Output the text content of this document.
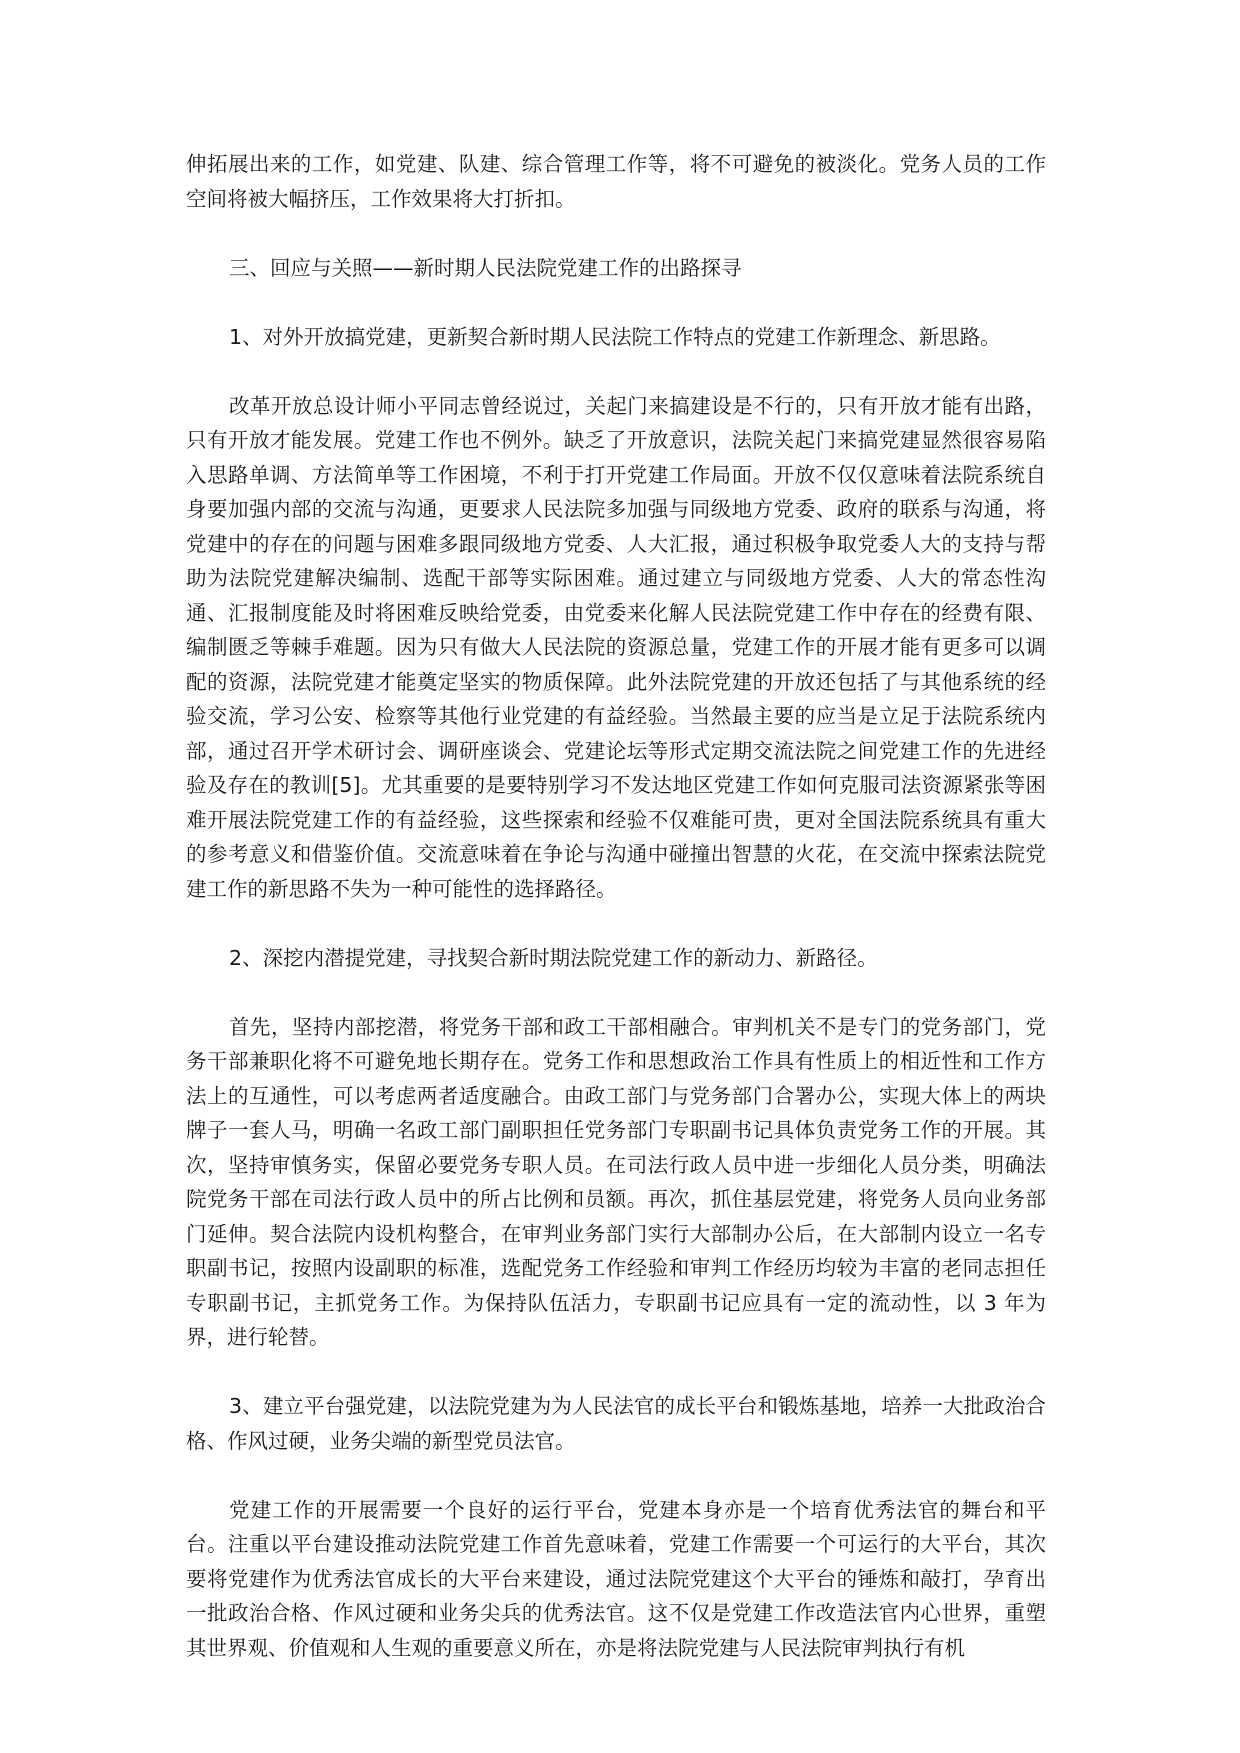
伸拓展出来的工作，如党建、队建、综合管理工作等，将不可避免的被淡化。党务人员的工作空间将被大幅挤压，工作效果将大打折扣。

三、回应与关照——新时期人民法院党建工作的出路探寻

1、对外开放搞党建，更新契合新时期人民法院工作特点的党建工作新理念、新思路。

改革开放总设计师小平同志曾经说过，关起门来搞建设是不行的，只有开放才能有出路，只有开放才能发展。党建工作也不例外。缺乏了开放意识，法院关起门来搞党建显然很容易陷入思路单调、方法简单等工作困境，不利于打开党建工作局面。开放不仅仅意味着法院系统自身要加强内部的交流与沟通，更要求人民法院多加强与同级地方党委、政府的联系与沟通，将党建中的存在的问题与困难多跟同级地方党委、人大汇报，通过积极争取党委人大的支持与帮助为法院党建解决编制、选配干部等实际困难。通过建立与同级地方党委、人大的常态性沟通、汇报制度能及时将困难反映给党委，由党委来化解人民法院党建工作中存在的经费有限、编制匮乏等棘手难题。因为只有做大人民法院的资源总量，党建工作的开展才能有更多可以调配的资源，法院党建才能奠定坚实的物质保障。此外法院党建的开放还包括了与其他系统的经验交流，学习公安、检察等其他行业党建的有益经验。当然最主要的应当是立足于法院系统内部，通过召开学术研讨会、调研座谈会、党建论坛等形式定期交流法院之间党建工作的先进经验及存在的教训[5]。尤其重要的是要特别学习不发达地区党建工作如何克服司法资源紧张等困难开展法院党建工作的有益经验，这些探索和经验不仅难能可贵，更对全国法院系统具有重大的参考意义和借鉴价值。交流意味着在争论与沟通中碰撞出智慧的火花，在交流中探索法院党建工作的新思路不失为一种可能性的选择路径。

2、深挖内潜提党建，寻找契合新时期法院党建工作的新动力、新路径。

首先，坚持内部挖潜，将党务干部和政工干部相融合。审判机关不是专门的党务部门，党务干部兼职化将不可避免地长期存在。党务工作和思想政治工作具有性质上的相近性和工作方法上的互通性，可以考虑两者适度融合。由政工部门与党务部门合署办公，实现大体上的两块牌子一套人马，明确一名政工部门副职担任党务部门专职副书记具体负责党务工作的开展。其次，坚持审慎务实，保留必要党务专职人员。在司法行政人员中进一步细化人员分类，明确法院党务干部在司法行政人员中的所占比例和员额。再次，抓住基层党建，将党务人员向业务部门延伸。契合法院内设机构整合，在审判业务部门实行大部制办公后，在大部制内设立一名专职副书记，按照内设副职的标准，选配党务工作经验和审判工作经历均较为丰富的老同志担任专职副书记，主抓党务工作。为保持队伍活力，专职副书记应具有一定的流动性，以 3 年为界，进行轮替。

3、建立平台强党建，以法院党建为为人民法官的成长平台和锻炼基地，培养一大批政治合格、作风过硬，业务尖端的新型党员法官。

党建工作的开展需要一个良好的运行平台，党建本身亦是一个培育优秀法官的舞台和平台。注重以平台建设推动法院党建工作首先意味着，党建工作需要一个可运行的大平台，其次要将党建作为优秀法官成长的大平台来建设，通过法院党建这个大平台的锤炼和敲打，孕育出一批政治合格、作风过硬和业务尖兵的优秀法官。这不仅是党建工作改造法官内心世界，重塑其世界观、价值观和人生观的重要意义所在，亦是将法院党建与人民法院审判执行有机
